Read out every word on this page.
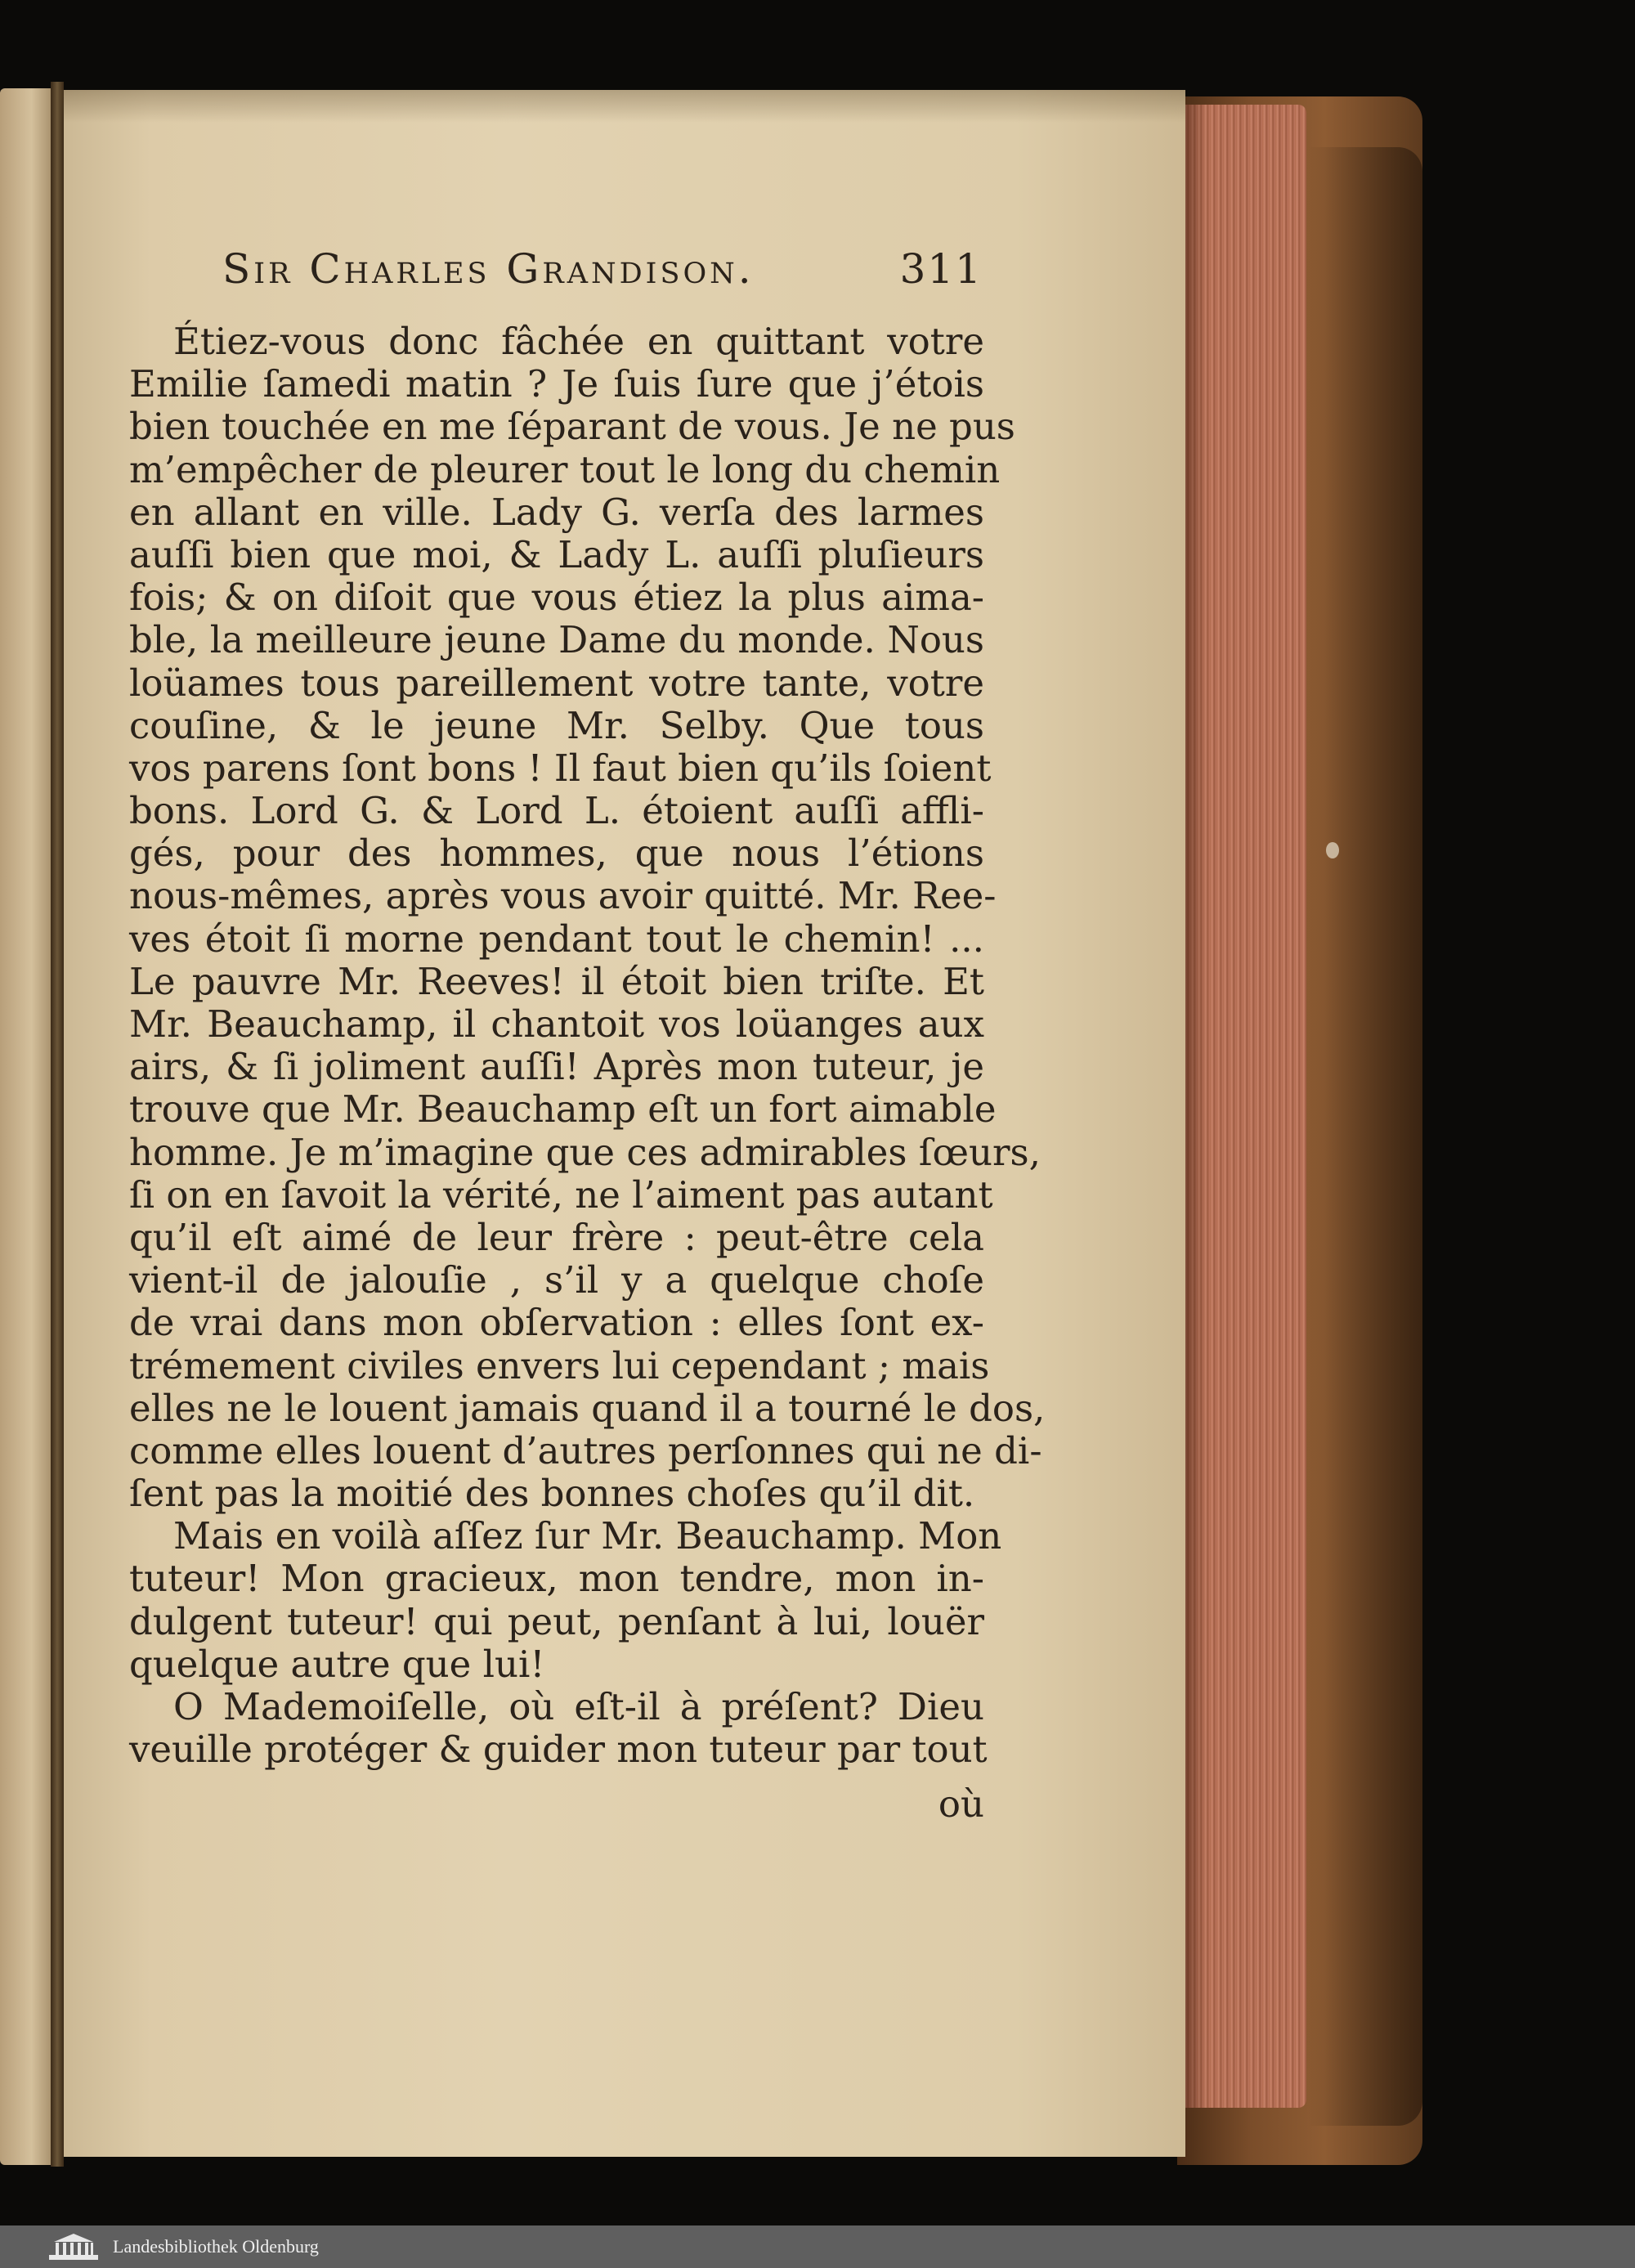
Sir Charles Grandison.	311
Étiez-vous donc fâchée en quittant votre
Emilie ſamedi matin ? Je ſuis ſure que j’étois
bien touchée en me ſéparant de vous. Je ne pus
m’empêcher de pleurer tout le long du chemin
en allant en ville. Lady G. verſa des larmes
auſſi bien que moi, & Lady L. auſſi pluſieurs
fois; & on diſoit que vous étiez la plus aima-
ble, la meilleure jeune Dame du monde. Nous
loüames tous pareillement votre tante, votre
couſine, & le jeune Mr. Selby. Que tous
vos parens ſont bons ! Il faut bien qu’ils ſoient
bons. Lord G. & Lord L. étoient auſſi affli-
gés, pour des hommes, que nous l’étions
nous-mêmes, après vous avoir quitté. Mr. Ree-
ves étoit ſi morne pendant tout le chemin! ...
Le pauvre Mr. Reeves! il étoit bien triſte. Et
Mr. Beauchamp, il chantoit vos loüanges aux
airs, & ſi joliment auſſi! Après mon tuteur, je
trouve que Mr. Beauchamp eſt un fort aimable
homme. Je m’imagine que ces admirables ſœurs,
ſi on en ſavoit la vérité, ne l’aiment pas autant
qu’il eſt aimé de leur frère : peut-être cela
vient-il de jalouſie , s’il y a quelque choſe
de vrai dans mon obſervation : elles ſont ex-
trémement civiles envers lui cependant ; mais
elles ne le louent jamais quand il a tourné le dos,
comme elles louent d’autres perſonnes qui ne di-
ſent pas la moitié des bonnes choſes qu’il dit.
Mais en voilà aſſez ſur Mr. Beauchamp. Mon
tuteur! Mon gracieux, mon tendre, mon in-
dulgent tuteur! qui peut, penſant à lui, louër
quelque autre que lui!
O Mademoiſelle, où eſt-il à préſent? Dieu
veuille protéger & guider mon tuteur par tout
où
Landesbibliothek Oldenburg
